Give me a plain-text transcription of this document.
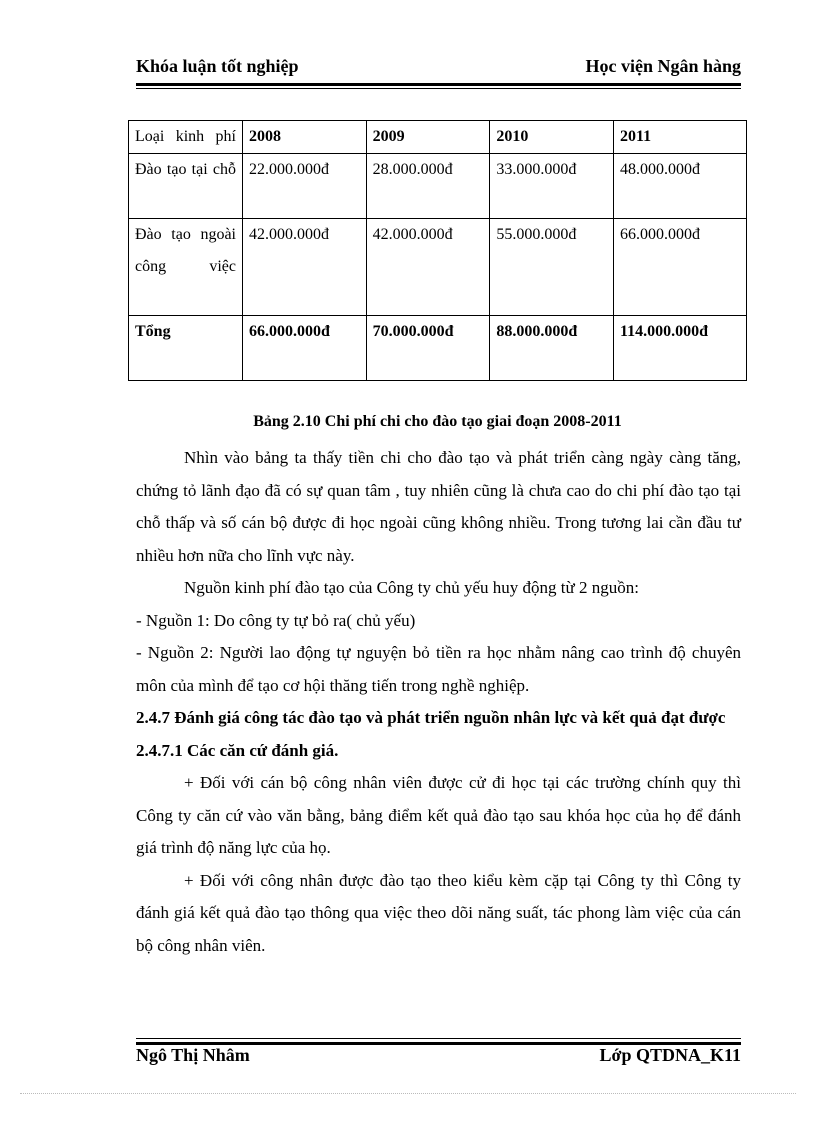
Khóa luận tốt nghiệp	Học viện Ngân hàng
Loại kinh phí	2008	2009	2010	2011
Đào tạo tại chỗ	22.000.000đ	28.000.000đ	33.000.000đ	48.000.000đ
Đào tạo ngoài công việc	42.000.000đ	42.000.000đ	55.000.000đ	66.000.000đ
Tổng	66.000.000đ	70.000.000đ	88.000.000đ	114.000.000đ
Bảng 2.10 Chi phí chi cho đào tạo giai đoạn 2008-2011

Nhìn vào bảng ta thấy tiền chi cho đào tạo và phát triển càng ngày càng tăng, chứng tỏ lãnh đạo đã có sự quan tâm , tuy nhiên cũng là chưa cao do chi phí đào tạo tại chỗ thấp và số cán bộ được đi học ngoài cũng không nhiều. Trong tương lai cần đầu tư nhiều hơn nữa cho lĩnh vực này.

Nguồn kinh phí đào tạo của Công ty chủ yếu huy động từ 2 nguồn:

- Nguồn 1: Do công ty tự bỏ ra( chủ yếu)

- Nguồn 2: Người lao động tự nguyện bỏ tiền ra học nhằm nâng cao trình độ chuyên môn của mình để tạo cơ hội thăng tiến trong nghề nghiệp.

2.4.7 Đánh giá công tác đào tạo và phát triển nguồn nhân lực và kết quả đạt được

2.4.7.1 Các căn cứ đánh giá.

+ Đối với cán bộ công nhân viên được cử đi học tại các trường chính quy thì Công ty căn cứ vào văn bằng, bảng điểm kết quả đào tạo sau khóa học của họ để đánh giá trình độ năng lực của họ.

+ Đối với công nhân được đào tạo theo kiểu kèm cặp tại Công ty thì Công ty đánh giá kết quả đào tạo thông qua việc theo dõi năng suất, tác phong làm việc của cán bộ công nhân viên.

Ngô Thị Nhâm	Lớp QTDNA_K11
